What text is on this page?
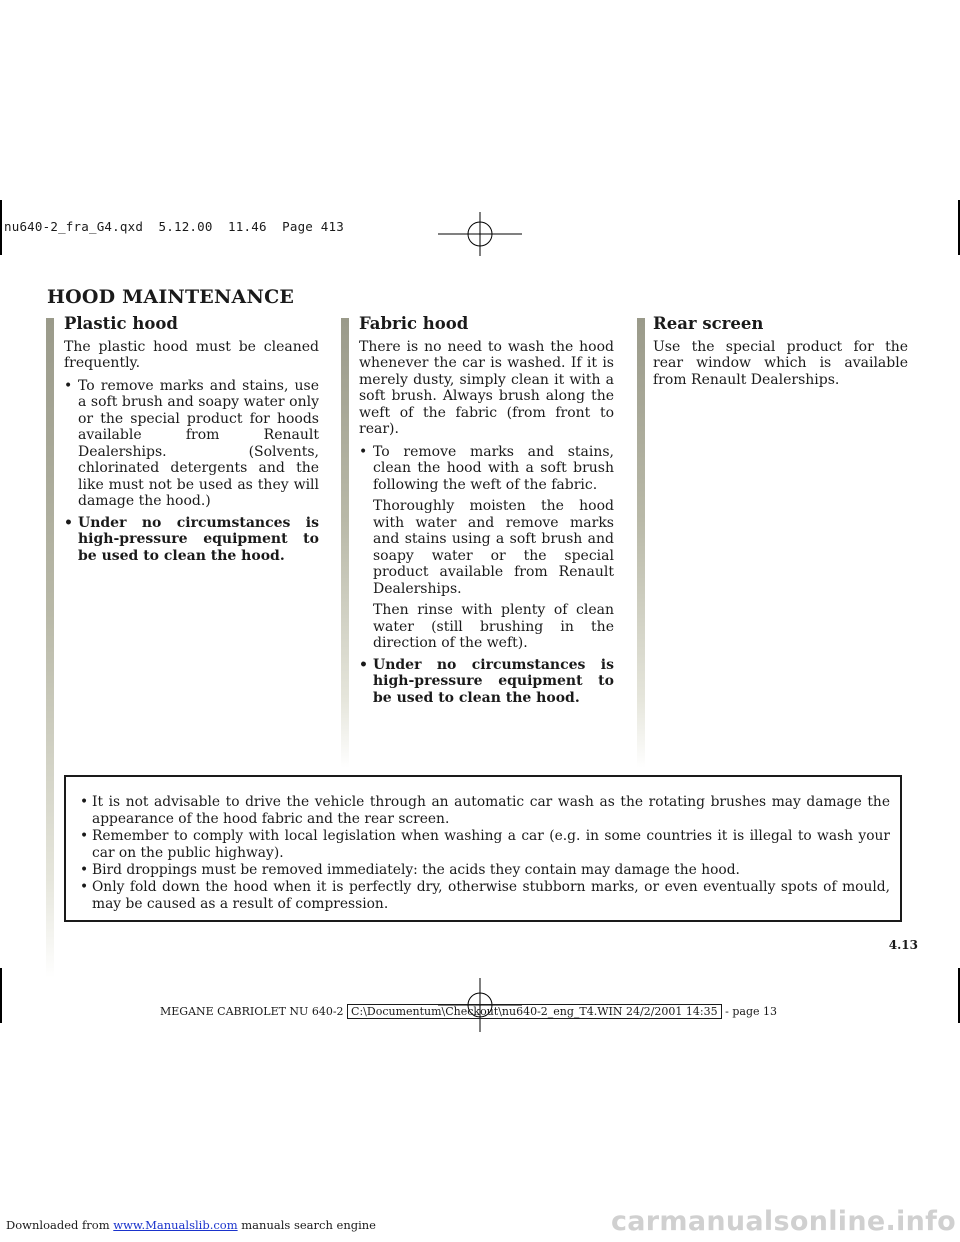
nu640-2_fra_G4.qxd  5.12.00  11.46  Page 413
HOOD MAINTENANCE
Plastic hood

The plastic hood must be cleaned frequently.

• To remove marks and stains, use a soft brush and soapy water only or the special product for hoods available from Renault Dealerships. (Solvents, chlorinated detergents and the like must not be used as they will damage the hood.)
• Under no circumstances is high-pressure equipment to be used to clean the hood.
Fabric hood

There is no need to wash the hood whenever the car is washed. If it is merely dusty, simply clean it with a soft brush. Always brush along the weft of the fabric (from front to rear).

• To remove marks and stains, clean the hood with a soft brush following the weft of the fabric.

Thoroughly moisten the hood with water and remove marks and stains using a soft brush and soapy water or the special product available from Renault Dealerships.

Then rinse with plenty of clean water (still brushing in the direction of the weft).

• Under no circumstances is high-pressure equipment to be used to clean the hood.
Rear screen

Use the special product for the rear window which is available from Renault Dealerships.

• It is not advisable to drive the vehicle through an automatic car wash as the rotating brushes may damage the appearance of the hood fabric and the rear screen.
• Remember to comply with local legislation when washing a car (e.g. in some countries it is illegal to wash your car on the public highway).
• Bird droppings must be removed immediately: the acids they contain may damage the hood.
• Only fold down the hood when it is perfectly dry, otherwise stubborn marks, or even eventually spots of mould, may be caused as a result of compression.
4.13
MEGANE CABRIOLET NU 640-2 C:\Documentum\Checkout\nu640-2_eng_T4.WIN 24/2/2001 14:35 - page 13
Downloaded from www.Manualslib.com manuals search engine	carmanualsonline.info
